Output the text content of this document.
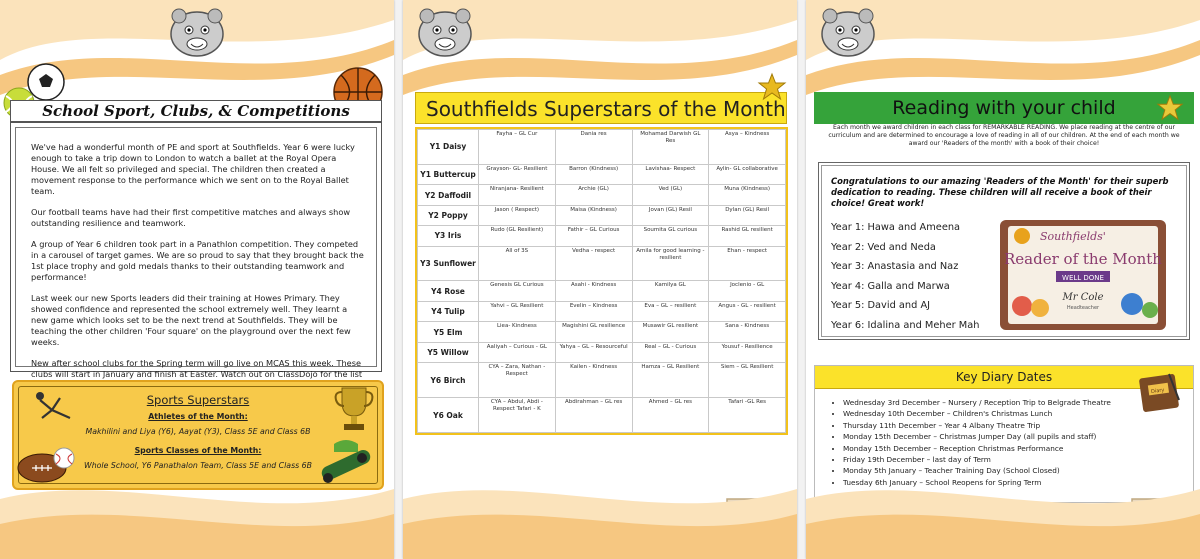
School Sport, Clubs, & Competitions

We've had a wonderful month of PE and sport at Southfields. Year 6 were lucky enough to take a trip down to London to watch a ballet at the Royal Opera House. We all felt so privileged and special. The children then created a movement response to the performance which we sent on to the Royal Ballet team.

Our football teams have had their first competitive matches and always show outstanding resilience and teamwork.

A group of Year 6 children took part in a Panathlon competition. They competed in a carousel of target games. We are so proud to say that they brought back the 1st place trophy and gold medals thanks to their outstanding teamwork and performance!

Last week our new Sports leaders did their training at Howes Primary. They showed confidence and represented the school extremely well. They learnt a new game which looks set to be the next trend at Southfields. They will be teaching the other children 'Four square' on the playground over the next few weeks.

New after school clubs for the Spring term will go live on MCAS this week. These clubs will start in January and finish at Easter. Watch out on ClassDojo for the list

Sports Superstars
Athletes of the Month:
Makhilini and Liya (Y6), Aayat (Y3), Class 5E and Class 6B
Sports Classes of the Month:
Whole School, Y6 Panathalon Team, Class 5E and Class 6B
Southfields Superstars of the Month
Y1 Daisy	Fayha – GL Cur	Dania res	Mohamad Darwish GL Res	Asya – Kindness
Y1 Buttercup	Grayson- GL- Resilient	Barron (Kindness)	Lavishaa- Respect	Aylin- GL collaborative
Y2 Daffodil	Niranjana- Resilient	Archie (GL)	Ved (GL)	Muna (Kindness)
Y2 Poppy	Jason ( Respect)	Maisa (Kindness)	Jovan (GL) Resil	Dylan (GL) Resil
Y3 Iris	Rudo (GL Resilient)	Fathir – GL Curious	Soumita GL curious	Rashid GL resilient
Y3 Sunflower	All of 3S	Vedha - respect	Amila for good learning - resilient	Ehan - respect
Y4 Rose	Genesis GL Curious	Asahi - Kindness	Kamilya GL	Joclenio - GL
Y4 Tulip	Yahvi – GL Resilient	Evelin – Kindness	Eva – GL – resilient	Angus - GL - resilient
Y5 Elm	Liea- Kindness	Magishini GL resilience	Musawir GL resilient	Sana - Kindness
Y5 Willow	Aaliyah – Curious - GL	Yahya – GL – Resourceful	Real – GL - Curious	Yousuf - Resilience
Y6 Birch	CYA – Zara, Nathan - Respect	Kailen - Kindness	Hamza – GL Resilient	Siem – GL Resilient
Y6 Oak	CYA – Abdul, Abdi - Respect Tafari - K	Abdirahman – GL res	Ahmed – GL res	Tafari -GL Res
Reading with your child
Each month we award children in each class for REMARKABLE READING. We place reading at the centre of our curriculum and are determined to encourage a love of reading in all of our children. At the end of each month we award our 'Readers of the month' with a book of their choice!
Congratulations to our amazing 'Readers of the Month' for their superb dedication to reading. These children will all receive a book of their choice! Great work!
Year 1: Hawa and Ameena
Year 2: Ved and Neda
Year 3: Anastasia and Naz
Year 4: Galla and Marwa
Year 5: David and AJ
Year 6: Idalina and Meher Mah
Southfields'
Reader of the Month
WELL DONE
Mr Cole
Headteacher
Key Diary Dates
Diary
• Wednesday 3rd December – Nursery / Reception Trip to Belgrade Theatre
• Wednesday 10th December – Children's Christmas Lunch
• Thursday 11th December – Year 4 Albany Theatre Trip
• Monday 15th December – Christmas Jumper Day (all pupils and staff)
• Monday 15th December – Reception Christmas Performance
• Friday 19th December – last day of Term
• Monday 5th January – Teacher Training Day (School Closed)
• Tuesday 6th January – School Reopens for Spring Term
